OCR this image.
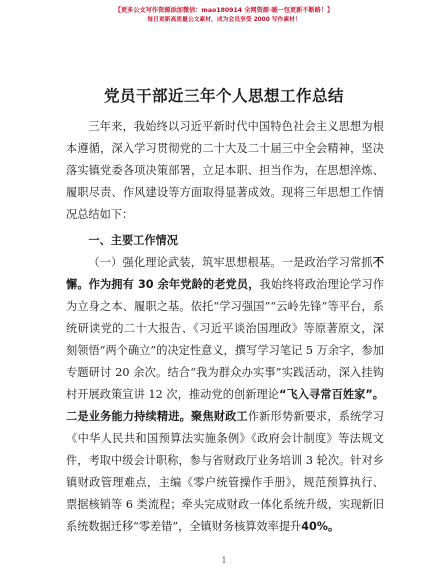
【更多公文写作资源添加微信：mao180914 全网资源·暖一包更新不断路！】
每日更新高质量公文素材，成为会员享受 2000 写作素材！
党员干部近三年个人思想工作总结

三年来，我始终以习近平新时代中国特色社会主义思想为根本遵循，深入学习贯彻党的二十大及二十届三中全会精神，坚决落实镇党委各项决策部署，立足本职、担当作为，在思想淬炼、履职尽责、作风建设等方面取得显著成效。现将三年思想工作情况总结如下：

一、主要工作情况

（一）强化理论武装，筑牢思想根基。一是政治学习常抓不懈。作为拥有 30 余年党龄的老党员，我始终将政治理论学习作为立身之本、履职之基。依托“学习强国”“云岭先锋”等平台，系统研读党的二十大报告、《习近平谈治国理政》等原著原文，深刻领悟“两个确立”的决定性意义，撰写学习笔记 5 万余字，参加专题研讨 20 余次。结合“我为群众办实事”实践活动，深入挂钩村开展政策宣讲 12 次，推动党的创新理论“飞入寻常百姓家”。二是业务能力持续精进。聚焦财政工作新形势新要求，系统学习《中华人民共和国预算法实施条例》《政府会计制度》等法规文件，考取中级会计职称，参与省财政厅业务培训 3 轮次。针对乡镇财政管理难点，主编《零户统管操作手册》，规范预算执行、票据核销等 6 类流程；牵头完成财政一体化系统升级，实现新旧系统数据迁移“零差错”，全镇财务核算效率提升40%。

1
